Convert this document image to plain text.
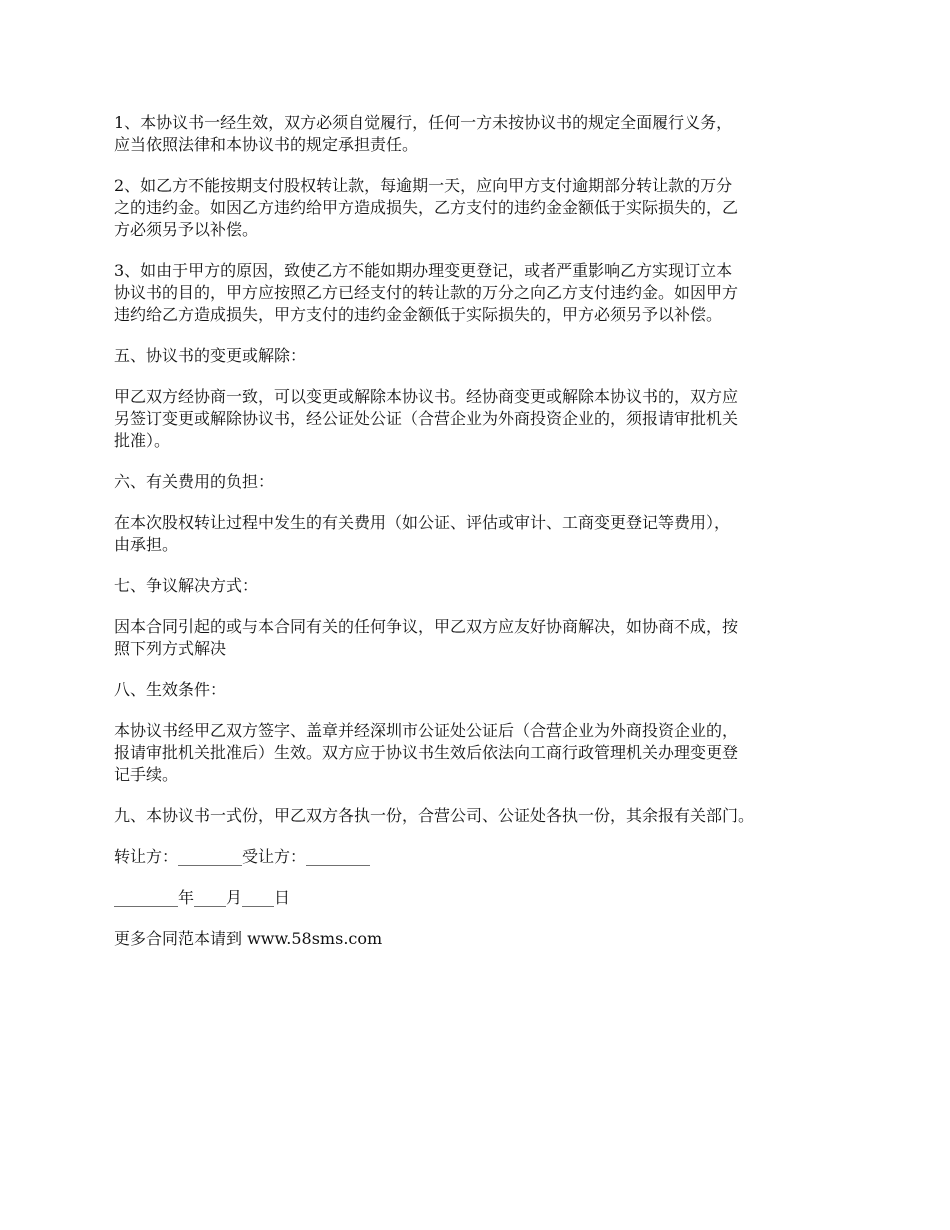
1、本协议书一经生效，双方必须自觉履行，任何一方未按协议书的规定全面履行义务，
应当依照法律和本协议书的规定承担责任。

2、如乙方不能按期支付股权转让款，每逾期一天，应向甲方支付逾期部分转让款的万分
之的违约金。如因乙方违约给甲方造成损失，乙方支付的违约金金额低于实际损失的，乙
方必须另予以补偿。

3、如由于甲方的原因，致使乙方不能如期办理变更登记，或者严重影响乙方实现订立本
协议书的目的，甲方应按照乙方已经支付的转让款的万分之向乙方支付违约金。如因甲方
违约给乙方造成损失，甲方支付的违约金金额低于实际损失的，甲方必须另予以补偿。

五、协议书的变更或解除：

甲乙双方经协商一致，可以变更或解除本协议书。经协商变更或解除本协议书的，双方应
另签订变更或解除协议书，经公证处公证（合营企业为外商投资企业的，须报请审批机关
批准）。

六、有关费用的负担：

在本次股权转让过程中发生的有关费用（如公证、评估或审计、工商变更登记等费用），
由承担。

七、争议解决方式：

因本合同引起的或与本合同有关的任何争议，甲乙双方应友好协商解决，如协商不成，按
照下列方式解决

八、生效条件：

本协议书经甲乙双方签字、盖章并经深圳市公证处公证后（合营企业为外商投资企业的，
报请审批机关批准后）生效。双方应于协议书生效后依法向工商行政管理机关办理变更登
记手续。

九、本协议书一式份，甲乙双方各执一份，合营公司、公证处各执一份，其余报有关部门。

转让方：________受让方：________

________年____月____日

更多合同范本请到 www.58sms.com
